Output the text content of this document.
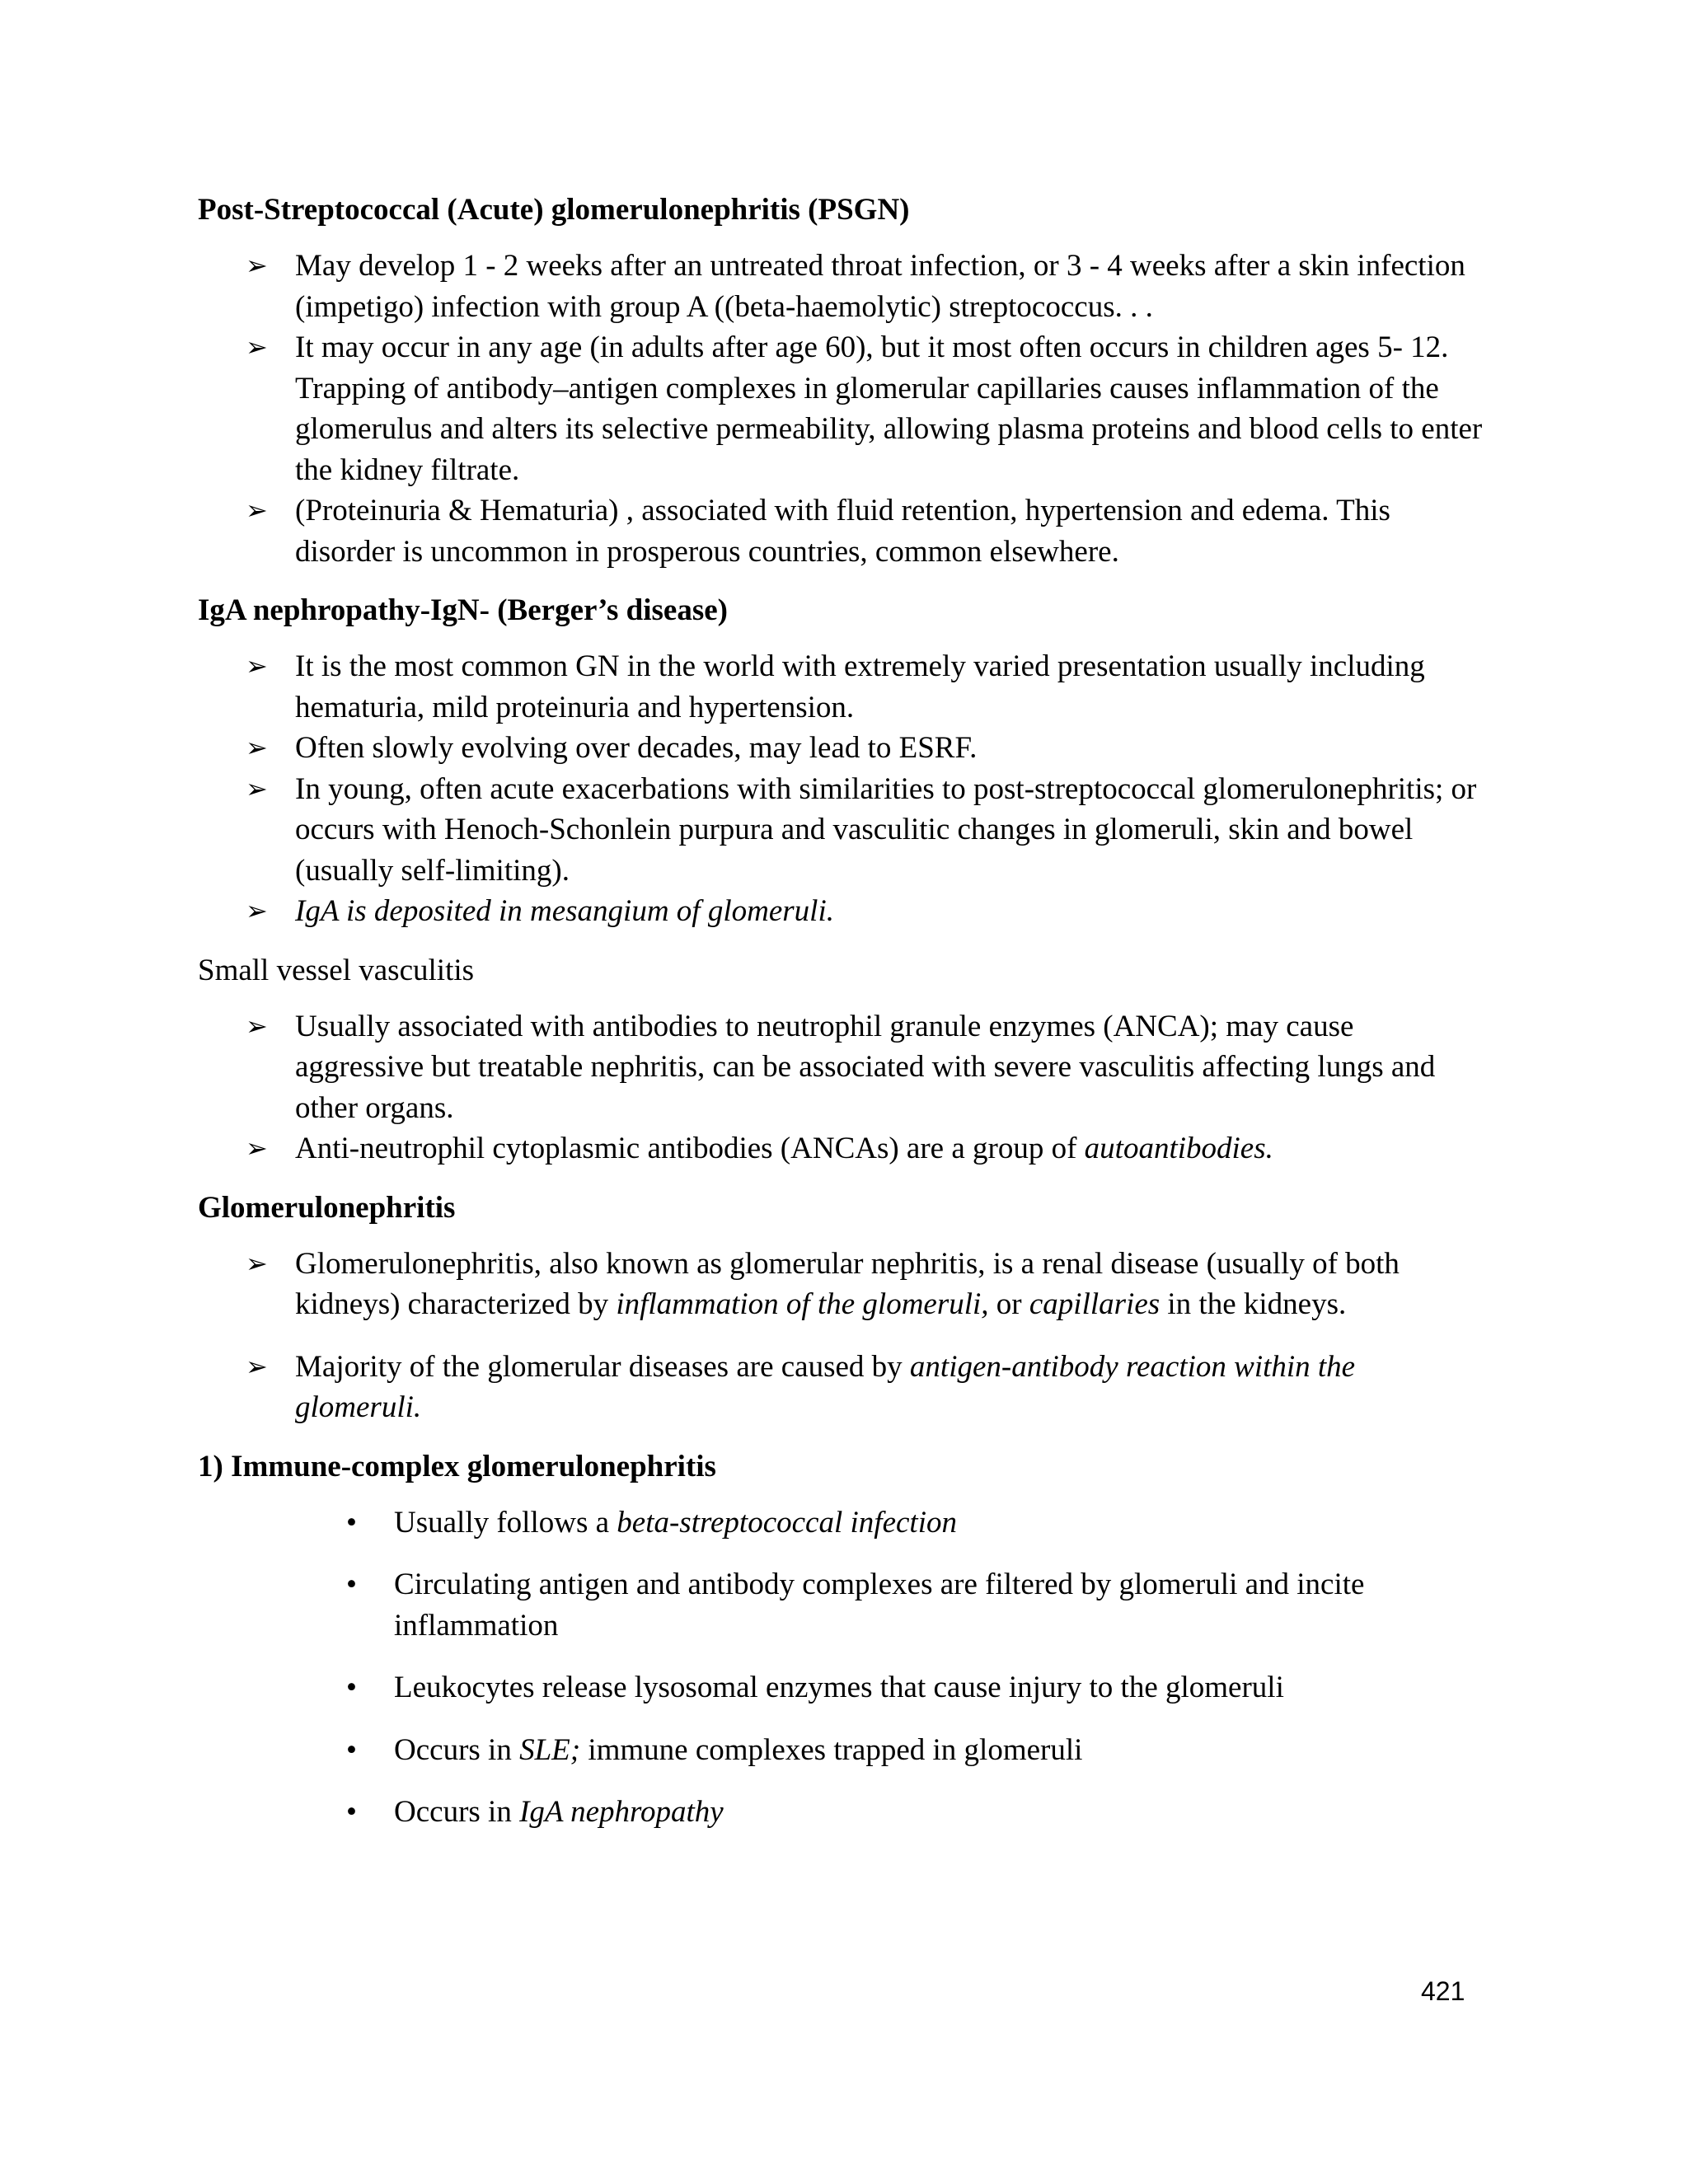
Post-Streptococcal (Acute) glomerulonephritis (PSGN)
➢ May develop 1 - 2 weeks after an untreated throat infection, or 3 - 4 weeks after a skin infection (impetigo) infection with group A ((beta-haemolytic) streptococcus. . .
➢ It may occur in any age (in adults after age 60), but it most often occurs in children ages 5- 12. Trapping of antibody–antigen complexes in glomerular capillaries causes inflammation of the glomerulus and alters its selective permeability, allowing plasma proteins and blood cells to enter the kidney filtrate.
➢ (Proteinuria & Hematuria) , associated with fluid retention, hypertension and edema. This disorder is uncommon in prosperous countries, common elsewhere.
IgA nephropathy-IgN- (Berger’s disease)
➢ It is the most common GN in the world with extremely varied presentation usually including hematuria, mild proteinuria and hypertension.
➢ Often slowly evolving over decades, may lead to ESRF.
➢ In young, often acute exacerbations with similarities to post-streptococcal glomerulonephritis; or occurs with Henoch-Schonlein purpura and vasculitic changes in glomeruli, skin and bowel (usually self-limiting).
➢ IgA is deposited in mesangium of glomeruli.
Small vessel vasculitis
➢ Usually associated with antibodies to neutrophil granule enzymes (ANCA); may cause aggressive but treatable nephritis, can be associated with severe vasculitis affecting lungs and other organs.
➢ Anti-neutrophil cytoplasmic antibodies (ANCAs) are a group of autoantibodies.
Glomerulonephritis
➢ Glomerulonephritis, also known as glomerular nephritis, is a renal disease (usually of both kidneys) characterized by inflammation of the glomeruli, or capillaries in the kidneys.
➢ Majority of the glomerular diseases are caused by antigen-antibody reaction within the glomeruli.
1) Immune-complex glomerulonephritis
• Usually follows a beta-streptococcal infection
• Circulating antigen and antibody complexes are filtered by glomeruli and incite inflammation
• Leukocytes release lysosomal enzymes that cause injury to the glomeruli
• Occurs in SLE; immune complexes trapped in glomeruli
• Occurs in IgA nephropathy
421
